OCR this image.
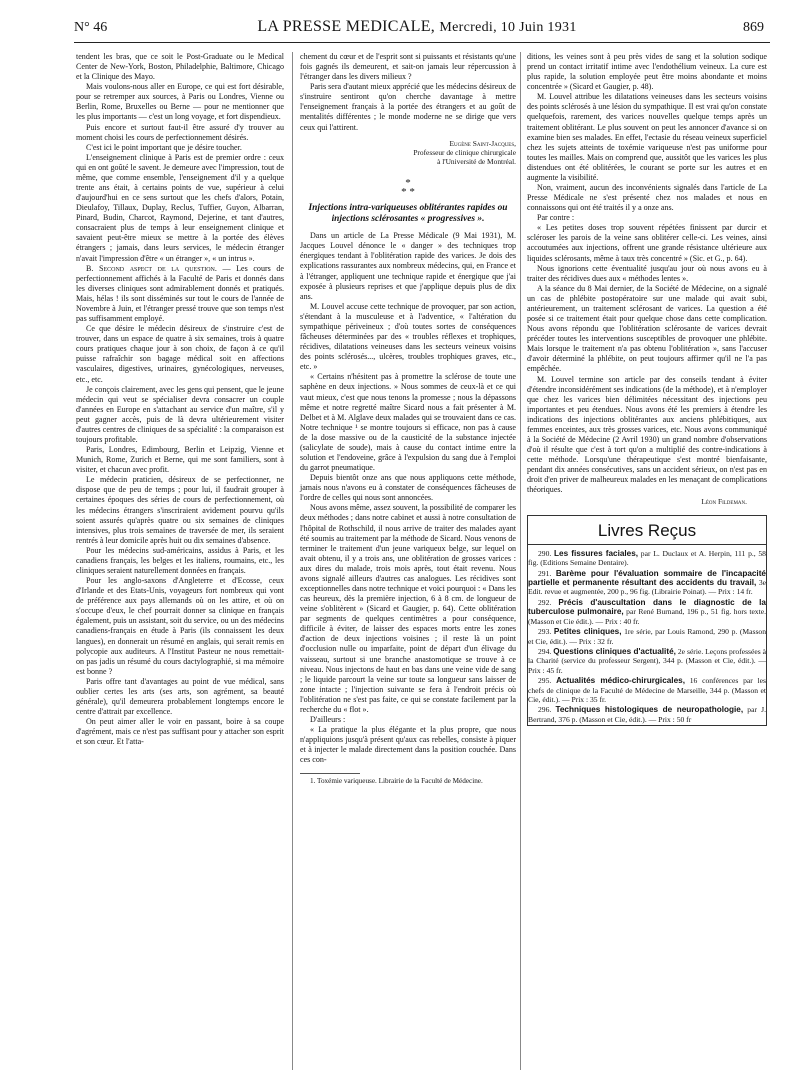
N° 46	LA PRESSE MEDICALE, Mercredi, 10 Juin 1931	869

tendent les bras, que ce soit le Post-Graduate ou le Medical Center de New-York, Boston, Philadelphie, Baltimore, Chicago et la Clinique des Mayo.

Mais voulons-nous aller en Europe, ce qui est fort désirable, pour se retremper aux sources, à Paris ou Londres, Vienne ou Berlin, Rome, Bruxelles ou Berne — pour ne mentionner que les plus importants — c'est un long voyage, et fort dispendieux.

Puis encore et surtout faut-il être assuré d'y trouver au moment choisi les cours de perfectionnement désirés.

C'est ici le point important que je désire toucher.

L'enseignement clinique à Paris est de premier ordre : ceux qui en ont goûté le savent. Je demeure avec l'impression, tout de même, que comme ensemble, l'enseignement d'il y a quelque trente ans était, à certains points de vue, supérieur à celui d'aujourd'hui en ce sens surtout que les chefs d'alors, Potain, Dieulafoy, Tillaux, Duplay, Reclus, Tuffier, Guyon, Albarran, Pinard, Budin, Charcot, Raymond, Dejerine, et tant d'autres, consacraient plus de temps à leur enseignement clinique et savaient peut-être mieux se mettre à la portée des élèves étrangers ; jamais, dans leurs services, le médecin étranger n'avait l'impression d'être « un étranger », « un intrus ».

B. Second aspect de la question. — Les cours de perfectionnement affichés à la Faculté de Paris et donnés dans les diverses cliniques sont admirablement donnés et pratiqués. Mais, hélas ! ils sont disséminés sur tout le cours de l'année de Novembre à Juin, et l'étranger pressé trouve que son temps n'est pas suffisamment employé.

Ce que désire le médecin désireux de s'instruire c'est de trouver, dans un espace de quatre à six semaines, trois à quatre cours pratiques chaque jour à son choix, de façon à ce qu'il puisse rafraîchir son bagage médical soit en affections vasculaires, digestives, urinaires, gynécologiques, nerveuses, etc., etc.

Je conçois clairement, avec les gens qui pensent, que le jeune médecin qui veut se spécialiser devra consacrer un couple d'années en Europe en s'attachant au service d'un maître, s'il y peut gagner accès, puis de là devra ultérieurement visiter d'autres centres de cliniques de sa spécialité : la comparaison est toujours profitable.

Paris, Londres, Edimbourg, Berlin et Leipzig, Vienne et Munich, Rome, Zurich et Berne, qui me sont familiers, sont à visiter, et chacun avec profit.

Le médecin praticien, désireux de se perfectionner, ne dispose que de peu de temps ; pour lui, il faudrait grouper à certaines époques des séries de cours de perfectionnement, où les médecins étrangers s'inscriraient avidement pourvu qu'ils soient assurés qu'après quatre ou six semaines de cliniques intensives, plus trois semaines de traversée de mer, ils seraient rentrés à leur domicile après huit ou dix semaines d'absence.

Pour les médecins sud-américains, assidus à Paris, et les canadiens français, les belges et les italiens, roumains, etc., les cliniques seraient naturellement données en français.

Pour les anglo-saxons d'Angleterre et d'Ecosse, ceux d'Irlande et des Etats-Unis, voyageurs fort nombreux qui vont de préférence aux pays allemands où on les attire, et où on s'occupe d'eux, le chef pourrait donner sa clinique en français également, puis un assistant, soit du service, ou un des médecins canadiens-français en étude à Paris (ils connaissent les deux langues), en donnerait un résumé en anglais, qui serait remis en polycopie aux auditeurs. A l'Institut Pasteur ne nous remettait-on pas jadis un résumé du cours dactylographié, si ma mémoire est bonne ?

Paris offre tant d'avantages au point de vue médical, sans oublier certes les arts (ses arts, son agrément, sa beauté générale), qu'il demeurera probablement longtemps encore le centre d'attrait par excellence.

On peut aimer aller le voir en passant, boire à sa coupe d'agrément, mais ce n'est pas suffisant pour y attacher son esprit et son cœur. Et l'atta-

chement du cœur et de l'esprit sont si puissants et résistants qu'une fois gagnés ils demeurent, et sait-on jamais leur répercussion à l'étranger dans les divers milieux ?

Paris sera d'autant mieux apprécié que les médecins désireux de s'instruire sentiront qu'on cherche davantage à mettre l'enseignement français à la portée des étrangers et au goût de mentalités différentes ; le monde moderne ne se dirige que vers ceux qui l'attirent.

Eugène Saint-Jacques,
Professeur de clinique chirurgicale
à l'Université de Montréal.
*
* *
Injections intra-variqueuses oblitérantes rapides ou injections sclérosantes « progressives ».

Dans un article de La Presse Médicale (9 Mai 1931), M. Jacques Louvel dénonce le « danger » des techniques trop énergiques tendant à l'oblitération rapide des varices. Je dois des explications rassurantes aux nombreux médecins, qui, en France et à l'étranger, appliquent une technique rapide et énergique que j'ai exposée à plusieurs reprises et que j'applique depuis plus de dix ans.

M. Louvel accuse cette technique de provoquer, par son action, s'étendant à la musculeuse et à l'adventice, « l'altération du sympathique périveineux ; d'où toutes sortes de conséquences fâcheuses déterminées par des « troubles réflexes et trophiques, récidives, dilatations veineuses dans les secteurs veineux voisins des points sclérosés..., ulcères, troubles trophiques graves, etc., etc. »

« Certains n'hésitent pas à promettre la sclérose de toute une saphène en deux injections. » Nous sommes de ceux-là et ce qui vaut mieux, c'est que nous tenons la promesse ; nous la dépassons même et notre regretté maître Sicard nous a fait présenter à M. Delbet et à M. Alglave deux malades qui se trouvaient dans ce cas. Notre technique ¹ se montre toujours si efficace, non pas à cause de la dose massive ou de la causticité de la substance injectée (salicylate de soude), mais à cause du contact intime entre la solution et l'endoveine, grâce à l'expulsion du sang due à l'emploi du garrot pneumatique.

Depuis bientôt onze ans que nous appliquons cette méthode, jamais nous n'avons eu à constater de conséquences fâcheuses de l'ordre de celles qui nous sont annoncées.

Nous avons même, assez souvent, la possibilité de comparer les deux méthodes ; dans notre cabinet et aussi à notre consultation de l'hôpital de Rothschild, il nous arrive de traiter des malades ayant été soumis au traitement par la méthode de Sicard. Nous venons de terminer le traitement d'un jeune variqueux belge, sur lequel on avait obtenu, il y a trois ans, une oblitération de grosses varices : aux dires du malade, trois mois après, tout était revenu. Nous avons signalé ailleurs d'autres cas analogues. Les récidives sont exceptionnelles dans notre technique et voici pourquoi : « Dans les cas heureux, dès la première injection, 6 à 8 cm. de longueur de veine s'oblitèrent » (Sicard et Gaugier, p. 64). Cette oblitération par segments de quelques centimètres a pour conséquence, difficile à éviter, de laisser des espaces morts entre les zones d'action de deux injections voisines ; il reste là un point d'occlusion nulle ou imparfaite, point de départ d'un élivage du vaisseau, surtout si une branche anastomotique se trouve à ce niveau. Nous injectons de haut en bas dans une veine vide de sang ; le liquide parcourt la veine sur toute sa longueur sans laisser de zone intacte ; l'injection suivante se fera à l'endroit précis où l'oblitération ne s'est pas faite, ce qui se constate facilement par la recherche du « flot ».

D'ailleurs :

« La pratique la plus élégante et la plus propre, que nous n'appliquions jusqu'à présent qu'aux cas rebelles, consiste à piquer et à injecter le malade directement dans la position couchée. Dans ces con-

1. Toxémie variqueuse. Librairie de la Faculté de Médecine.

ditions, les veines sont à peu près vides de sang et la solution sodique prend un contact irritatif intime avec l'endothélium veineux. La cure est plus rapide, la solution employée peut être moins abondante et moins concentrée » (Sicard et Gaugier, p. 48).

M. Louvel attribue les dilatations veineuses dans les secteurs voisins des points sclérosés à une lésion du sympathique. Il est vrai qu'on constate quelquefois, rarement, des varices nouvelles quelque temps après un traitement oblitérant. Le plus souvent on peut les annoncer d'avance si on examine bien ses malades. En effet, l'ectasie du réseau veineux superficiel chez les sujets atteints de toxémie variqueuse n'est pas uniforme pour toutes les mailles. Mais on comprend que, aussitôt que les varices les plus distendues ont été oblitérées, le courant se porte sur les autres et en augmente la visibilité.

Non, vraiment, aucun des inconvénients signalés dans l'article de La Presse Médicale ne s'est présenté chez nos malades et nous en connaissons qui ont été traités il y a onze ans.

Par contre :

« Les petites doses trop souvent répétées finissent par durcir et scléroser les parois de la veine sans oblitérer celle-ci. Les veines, ainsi accoutumées aux injections, offrent une grande résistance ultérieure aux liquides sclérosants, même à taux très concentré » (Sic. et G., p. 64).

Nous ignorions cette éventualité jusqu'au jour où nous avons eu à traiter des récidives dues aux « méthodes lentes ».

A la séance du 8 Mai dernier, de la Société de Médecine, on a signalé un cas de phlébite postopératoire sur une malade qui avait subi, antérieurement, un traitement sclérosant de varices. La question a été posée si ce traitement était pour quelque chose dans cette complication. Nous avons répondu que l'oblitération sclérosante de varices devrait précéder toutes les interventions susceptibles de provoquer une phlébite. Mais lorsque le traitement n'a pas obtenu l'oblitération », sans l'accuser d'avoir déterminé la phlébite, on peut toujours affirmer qu'il ne l'a pas empêchée.

M. Louvel termine son article par des conseils tendant à éviter d'étendre inconsidérément ses indications (de la méthode), et à n'employer que chez les varices bien délimitées nécessitant des injections peu importantes et peu étendues. Nous avons été les premiers à étendre les indications des injections oblitérantes aux anciens phlébitiques, aux femmes enceintes, aux très grosses varices, etc. Nous avons communiqué à la Société de Médecine (2 Avril 1930) un grand nombre d'observations d'où il résulte que c'est à tort qu'on a multiplié des contre-indications à cette méthode. Lorsqu'une thérapeutique s'est montré bienfaisante, pendant dix années consécutives, sans un accident sérieux, on n'est pas en droit d'en priver de malheureux malades en les menaçant de complications théoriques.

Léon Fildeman.
Livres Reçus

290. Les fissures faciales, par L. Duclaux et A. Herpin, 111 p., 58 fig. (Editions Semaine Dentaire).

291. Barème pour l'évaluation sommaire de l'incapacité partielle et permanente résultant des accidents du travail, 3e Edit. revue et augmentée, 200 p., 96 fig. (Librairie Poinat). — Prix : 14 fr.

292. Précis d'auscultation dans le diagnostic de la tuberculose pulmonaire, par René Burnand, 196 p., 51 fig. hors texte. (Masson et Cie édit.). — Prix : 40 fr.

293. Petites cliniques, 1re série, par Louis Ramond, 290 p. (Masson et Cie, édit.). — Prix : 32 fr.

294. Questions cliniques d'actualité, 2e série. Leçons professées à la Charité (service du professeur Sergent), 344 p. (Masson et Cie, édit.). — Prix : 45 fr.

295. Actualités médico-chirurgicales, 16 conférences par les chefs de clinique de la Faculté de Médecine de Marseille, 344 p. (Masson et Cie, édit.). — Prix : 35 fr.

296. Techniques histologiques de neuropathologie, par J. Bertrand, 376 p. (Masson et Cie, édit.). — Prix : 50 fr
